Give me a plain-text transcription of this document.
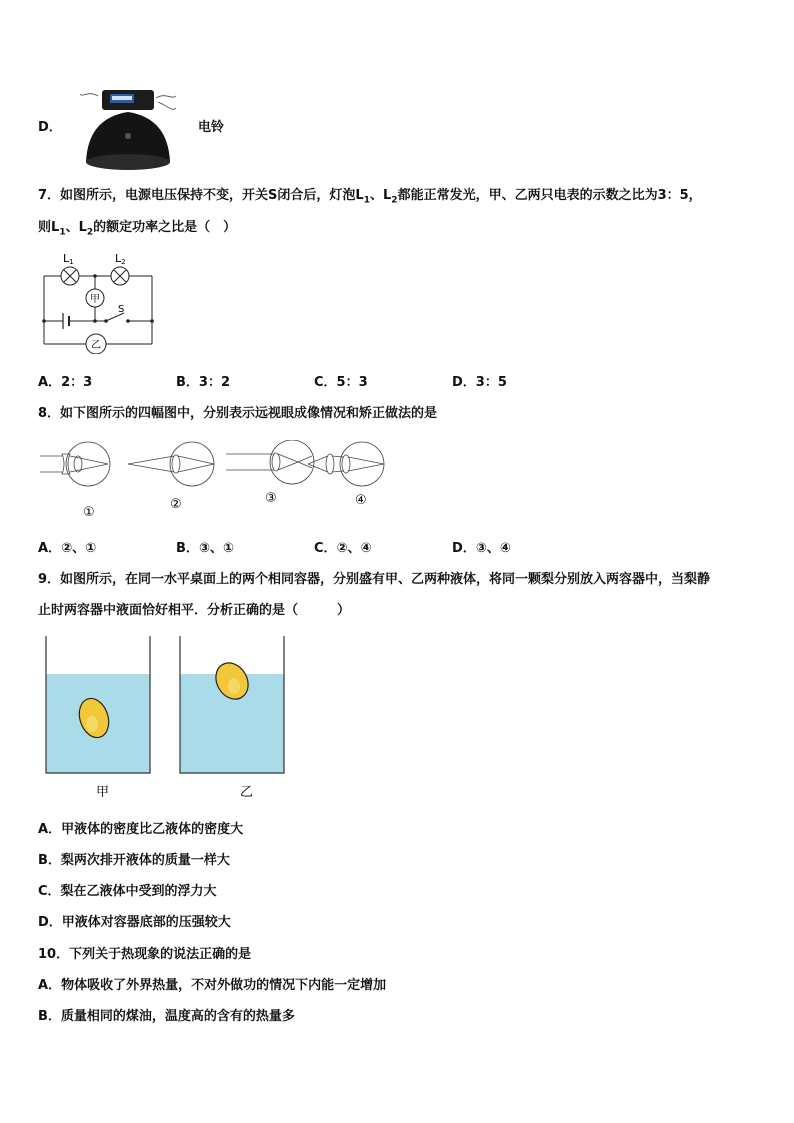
D．	电铃
7．如图所示，电源电压保持不变，开关S闭合后，灯泡$L_1$、$L_2$都能正常发光，甲、乙两只电表的示数之比为3：5，
则$L_1$、$L_2$的额定功率之比是（　）
L1	L2
甲
乙
S
A．2：3	B．3：2	C．5：3	D．3：5
8．如下图所示的四幅图中，分别表示远视眼成像情况和矫正做法的是
①
②	③	④
A．②、①	B．③、①	C．②、④	D．③、④
9．如图所示，在同一水平桌面上的两个相同容器，分别盛有甲、乙两种液体，将同一颗梨分别放入两容器中，当梨静
止时两容器中液面恰好相平．分析正确的是（　　　）
甲	乙
A．甲液体的密度比乙液体的密度大
B．梨两次排开液体的质量一样大
C．梨在乙液体中受到的浮力大
D．甲液体对容器底部的压强较大
10．下列关于热现象的说法正确的是
A．物体吸收了外界热量，不对外做功的情况下内能一定增加
B．质量相同的煤油，温度高的含有的热量多
